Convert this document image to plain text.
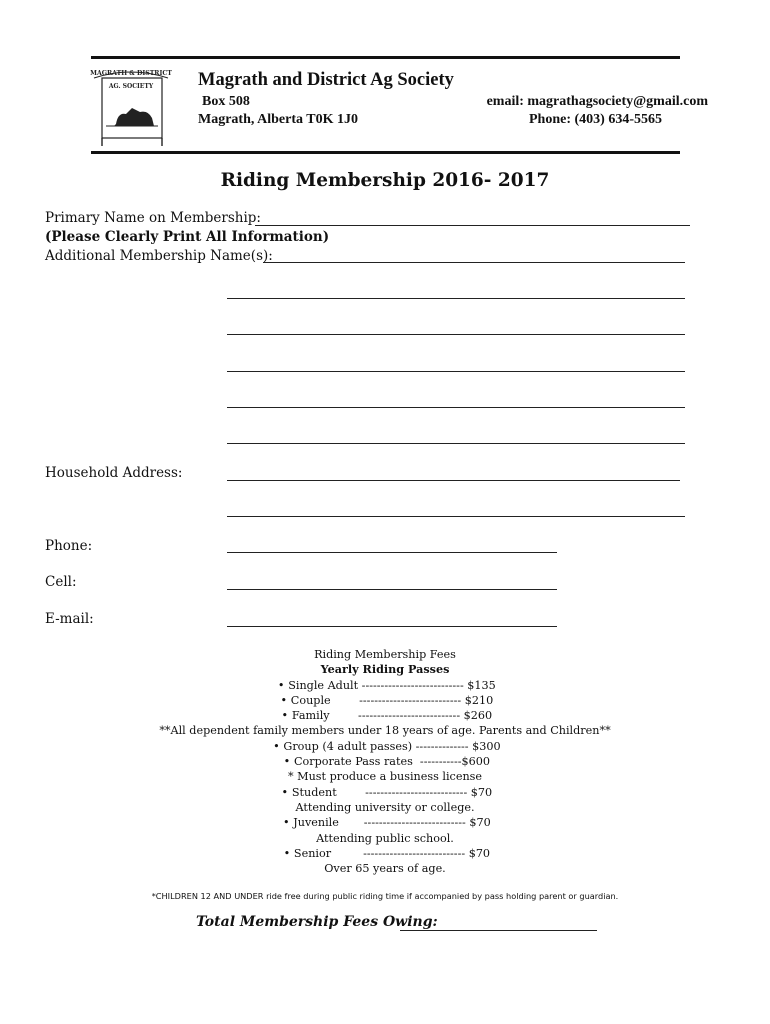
MAGRATH & DISTRICT
AG. SOCIETY Magrath and District Ag Society
Box 508
Magrath, Alberta T0K 1J0
email: magrathagsociety@gmail.com
Phone: (403) 634-5565
Riding Membership 2016- 2017
Primary Name on Membership:
(Please Clearly Print All Information)
Additional Membership Name(s):
Household Address:
Phone:
Cell:
E-mail:
Riding Membership Fees
Yearly Riding Passes
• Single Adult --------------------------- $135
• Couple        --------------------------- $210
• Family        --------------------------- $260
**All dependent family members under 18 years of age. Parents and Children**
• Group (4 adult passes) -------------- $300
• Corporate Pass rates  -----------$600
* Must produce a business license
• Student        --------------------------- $70
Attending university or college.
• Juvenile       --------------------------- $70
Attending public school.
• Senior         --------------------------- $70
Over 65 years of age.
*CHILDREN 12 AND UNDER ride free during public riding time if accompanied by pass holding parent or guardian.
Total Membership Fees Owing:
